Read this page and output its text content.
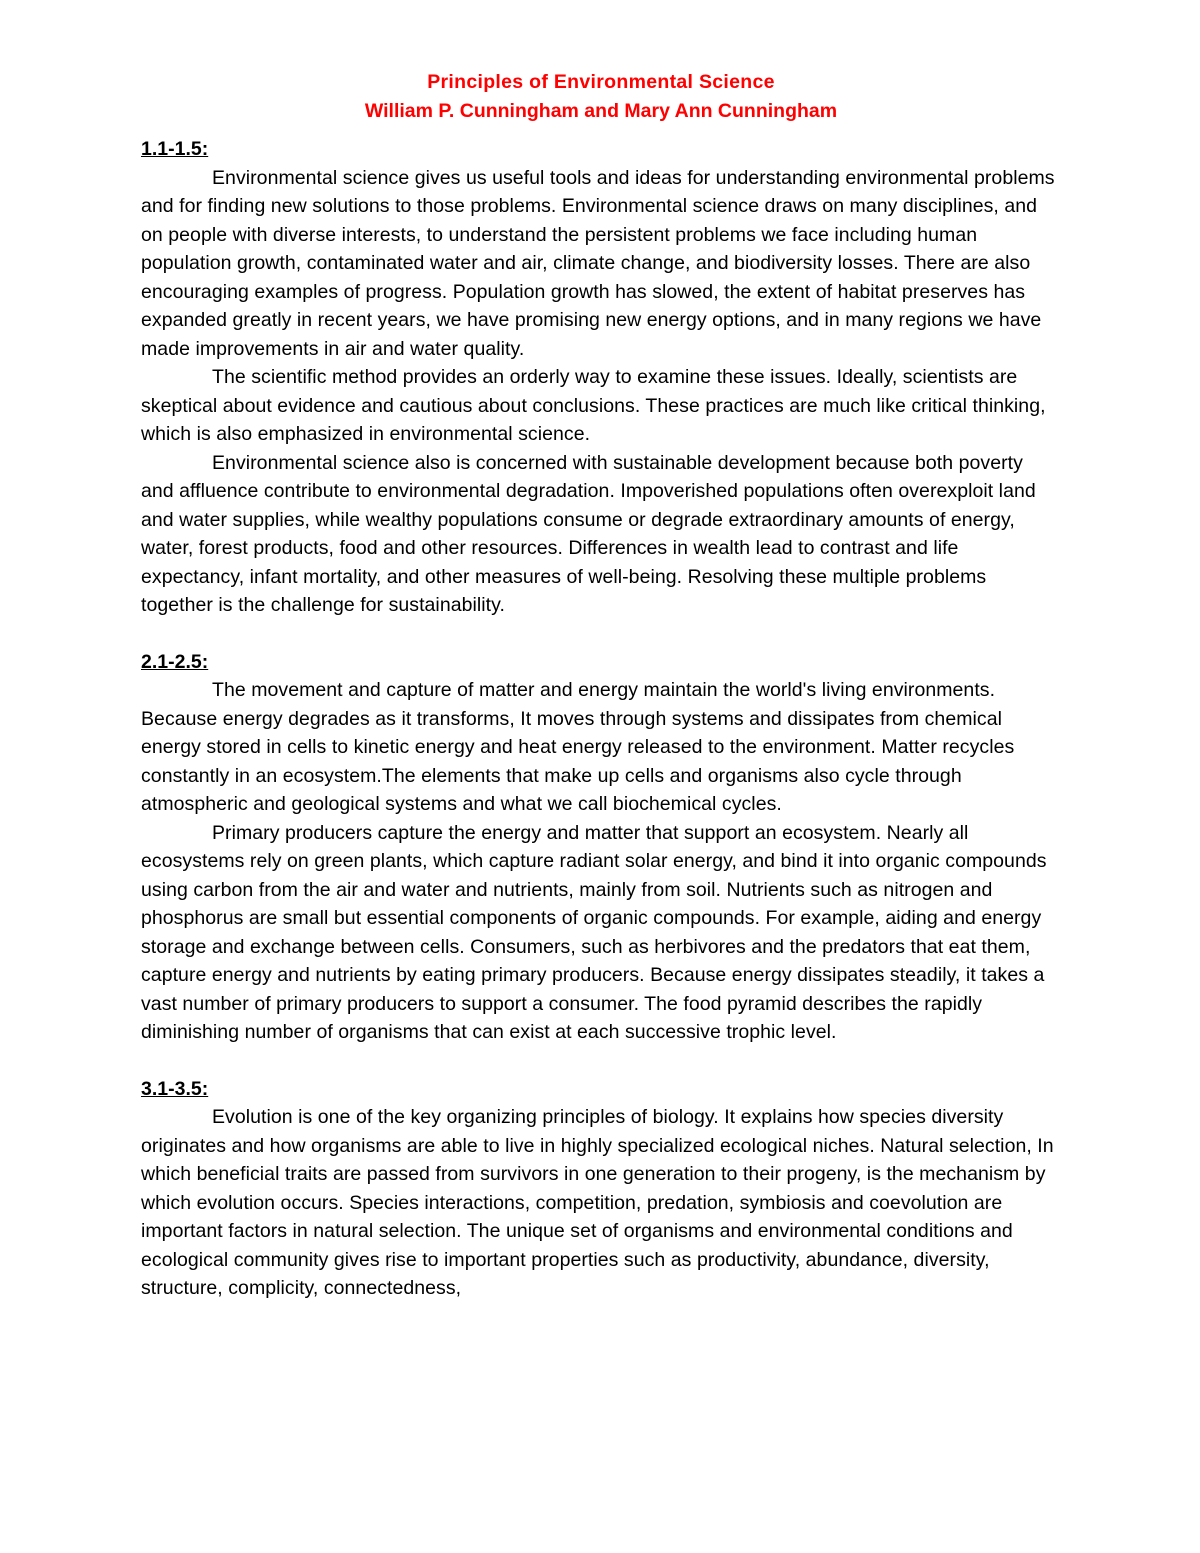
Principles of Environmental Science
William P. Cunningham and Mary Ann Cunningham
1.1-1.5:

Environmental science gives us useful tools and ideas for understanding environmental problems and for finding new solutions to those problems. Environmental science draws on many disciplines, and on people with diverse interests, to understand the persistent problems we face including human population growth, contaminated water and air, climate change, and biodiversity losses. There are also encouraging examples of progress. Population growth has slowed, the extent of habitat preserves has expanded greatly in recent years, we have promising new energy options, and in many regions we have made improvements in air and water quality.

The scientific method provides an orderly way to examine these issues. Ideally, scientists are skeptical about evidence and cautious about conclusions. These practices are much like critical thinking, which is also emphasized in environmental science.

Environmental science also is concerned with sustainable development because both poverty and affluence contribute to environmental degradation. Impoverished populations often overexploit land and water supplies, while wealthy populations consume or degrade extraordinary amounts of energy, water, forest products, food and other resources. Differences in wealth lead to contrast and life expectancy, infant mortality, and other measures of well-being. Resolving these multiple problems together is the challenge for sustainability.

2.1-2.5:

The movement and capture of matter and energy maintain the world's living environments. Because energy degrades as it transforms, It moves through systems and dissipates from chemical energy stored in cells to kinetic energy and heat energy released to the environment. Matter recycles constantly in an ecosystem.The elements that make up cells and organisms also cycle through atmospheric and geological systems and what we call biochemical cycles.

Primary producers capture the energy and matter that support an ecosystem. Nearly all ecosystems rely on green plants, which capture radiant solar energy, and bind it into organic compounds using carbon from the air and water and nutrients, mainly from soil. Nutrients such as nitrogen and phosphorus are small but essential components of organic compounds. For example, aiding and energy storage and exchange between cells. Consumers, such as herbivores and the predators that eat them, capture energy and nutrients by eating primary producers. Because energy dissipates steadily, it takes a vast number of primary producers to support a consumer. The food pyramid describes the rapidly diminishing number of organisms that can exist at each successive trophic level.

3.1-3.5:

Evolution is one of the key organizing principles of biology. It explains how species diversity originates and how organisms are able to live in highly specialized ecological niches. Natural selection, In which beneficial traits are passed from survivors in one generation to their progeny, is the mechanism by which evolution occurs. Species interactions, competition, predation, symbiosis and coevolution are important factors in natural selection. The unique set of organisms and environmental conditions and ecological community gives rise to important properties such as productivity, abundance, diversity, structure, complicity, connectedness,
